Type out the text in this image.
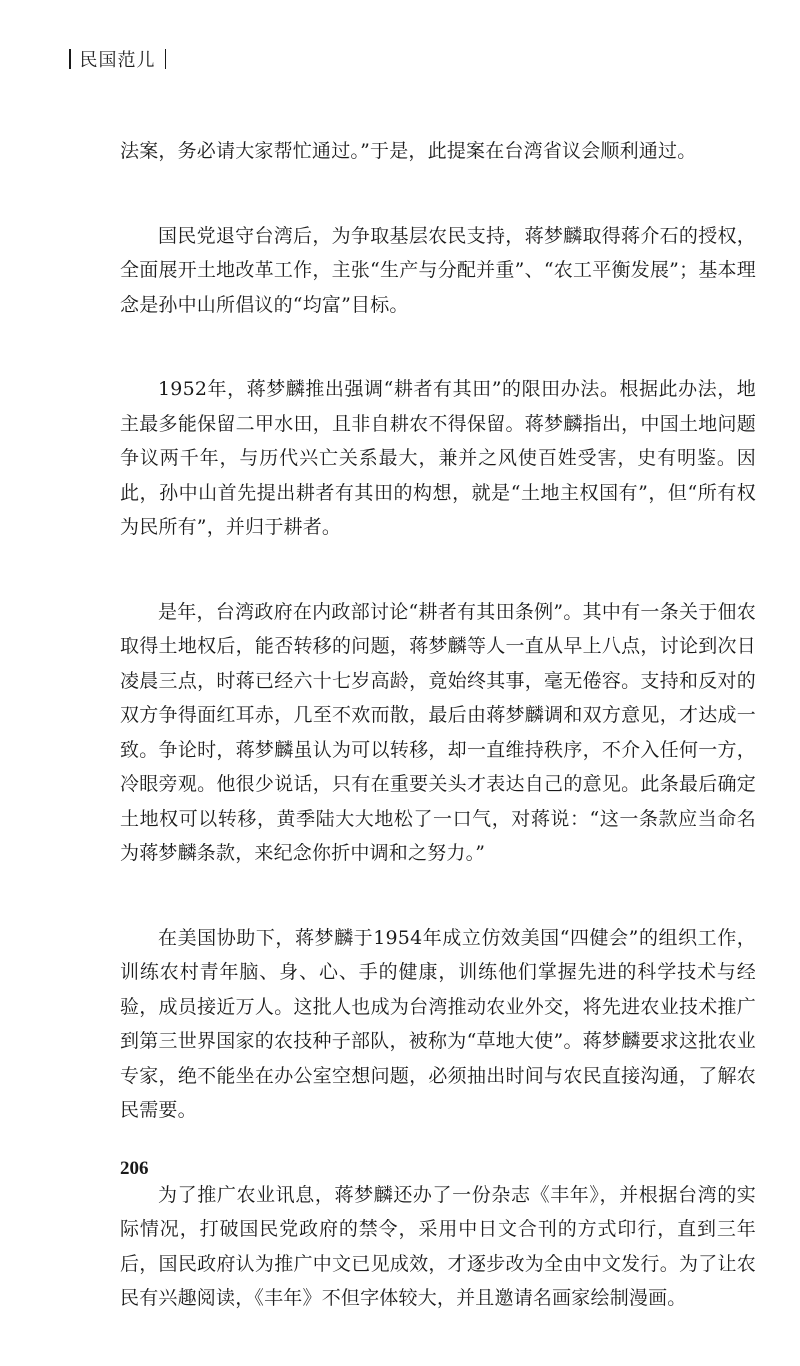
民国范儿

法案，务必请大家帮忙通过。”于是，此提案在台湾省议会顺利通过。

国民党退守台湾后，为争取基层农民支持，蒋梦麟取得蒋介石的授权，全面展开土地改革工作，主张“生产与分配并重”、“农工平衡发展”；基本理念是孙中山所倡议的“均富”目标。

1952年，蒋梦麟推出强调“耕者有其田”的限田办法。根据此办法，地主最多能保留二甲水田，且非自耕农不得保留。蒋梦麟指出，中国土地问题争议两千年，与历代兴亡关系最大，兼并之风使百姓受害，史有明鉴。因此，孙中山首先提出耕者有其田的构想，就是“土地主权国有”，但“所有权为民所有”，并归于耕者。

是年，台湾政府在内政部讨论“耕者有其田条例”。其中有一条关于佃农取得土地权后，能否转移的问题，蒋梦麟等人一直从早上八点，讨论到次日凌晨三点，时蒋已经六十七岁高龄，竟始终其事，毫无倦容。支持和反对的双方争得面红耳赤，几至不欢而散，最后由蒋梦麟调和双方意见，才达成一致。争论时，蒋梦麟虽认为可以转移，却一直维持秩序，不介入任何一方，冷眼旁观。他很少说话，只有在重要关头才表达自己的意见。此条最后确定土地权可以转移，黄季陆大大地松了一口气，对蒋说：“这一条款应当命名为蒋梦麟条款，来纪念你折中调和之努力。”

在美国协助下，蒋梦麟于1954年成立仿效美国“四健会”的组织工作，训练农村青年脑、身、心、手的健康，训练他们掌握先进的科学技术与经验，成员接近万人。这批人也成为台湾推动农业外交，将先进农业技术推广到第三世界国家的农技种子部队，被称为“草地大使”。蒋梦麟要求这批农业专家，绝不能坐在办公室空想问题，必须抽出时间与农民直接沟通，了解农民需要。

为了推广农业讯息，蒋梦麟还办了一份杂志《丰年》，并根据台湾的实际情况，打破国民党政府的禁令，采用中日文合刊的方式印行，直到三年后，国民政府认为推广中文已见成效，才逐步改为全由中文发行。为了让农民有兴趣阅读，《丰年》不但字体较大，并且邀请名画家绘制漫画。

206
